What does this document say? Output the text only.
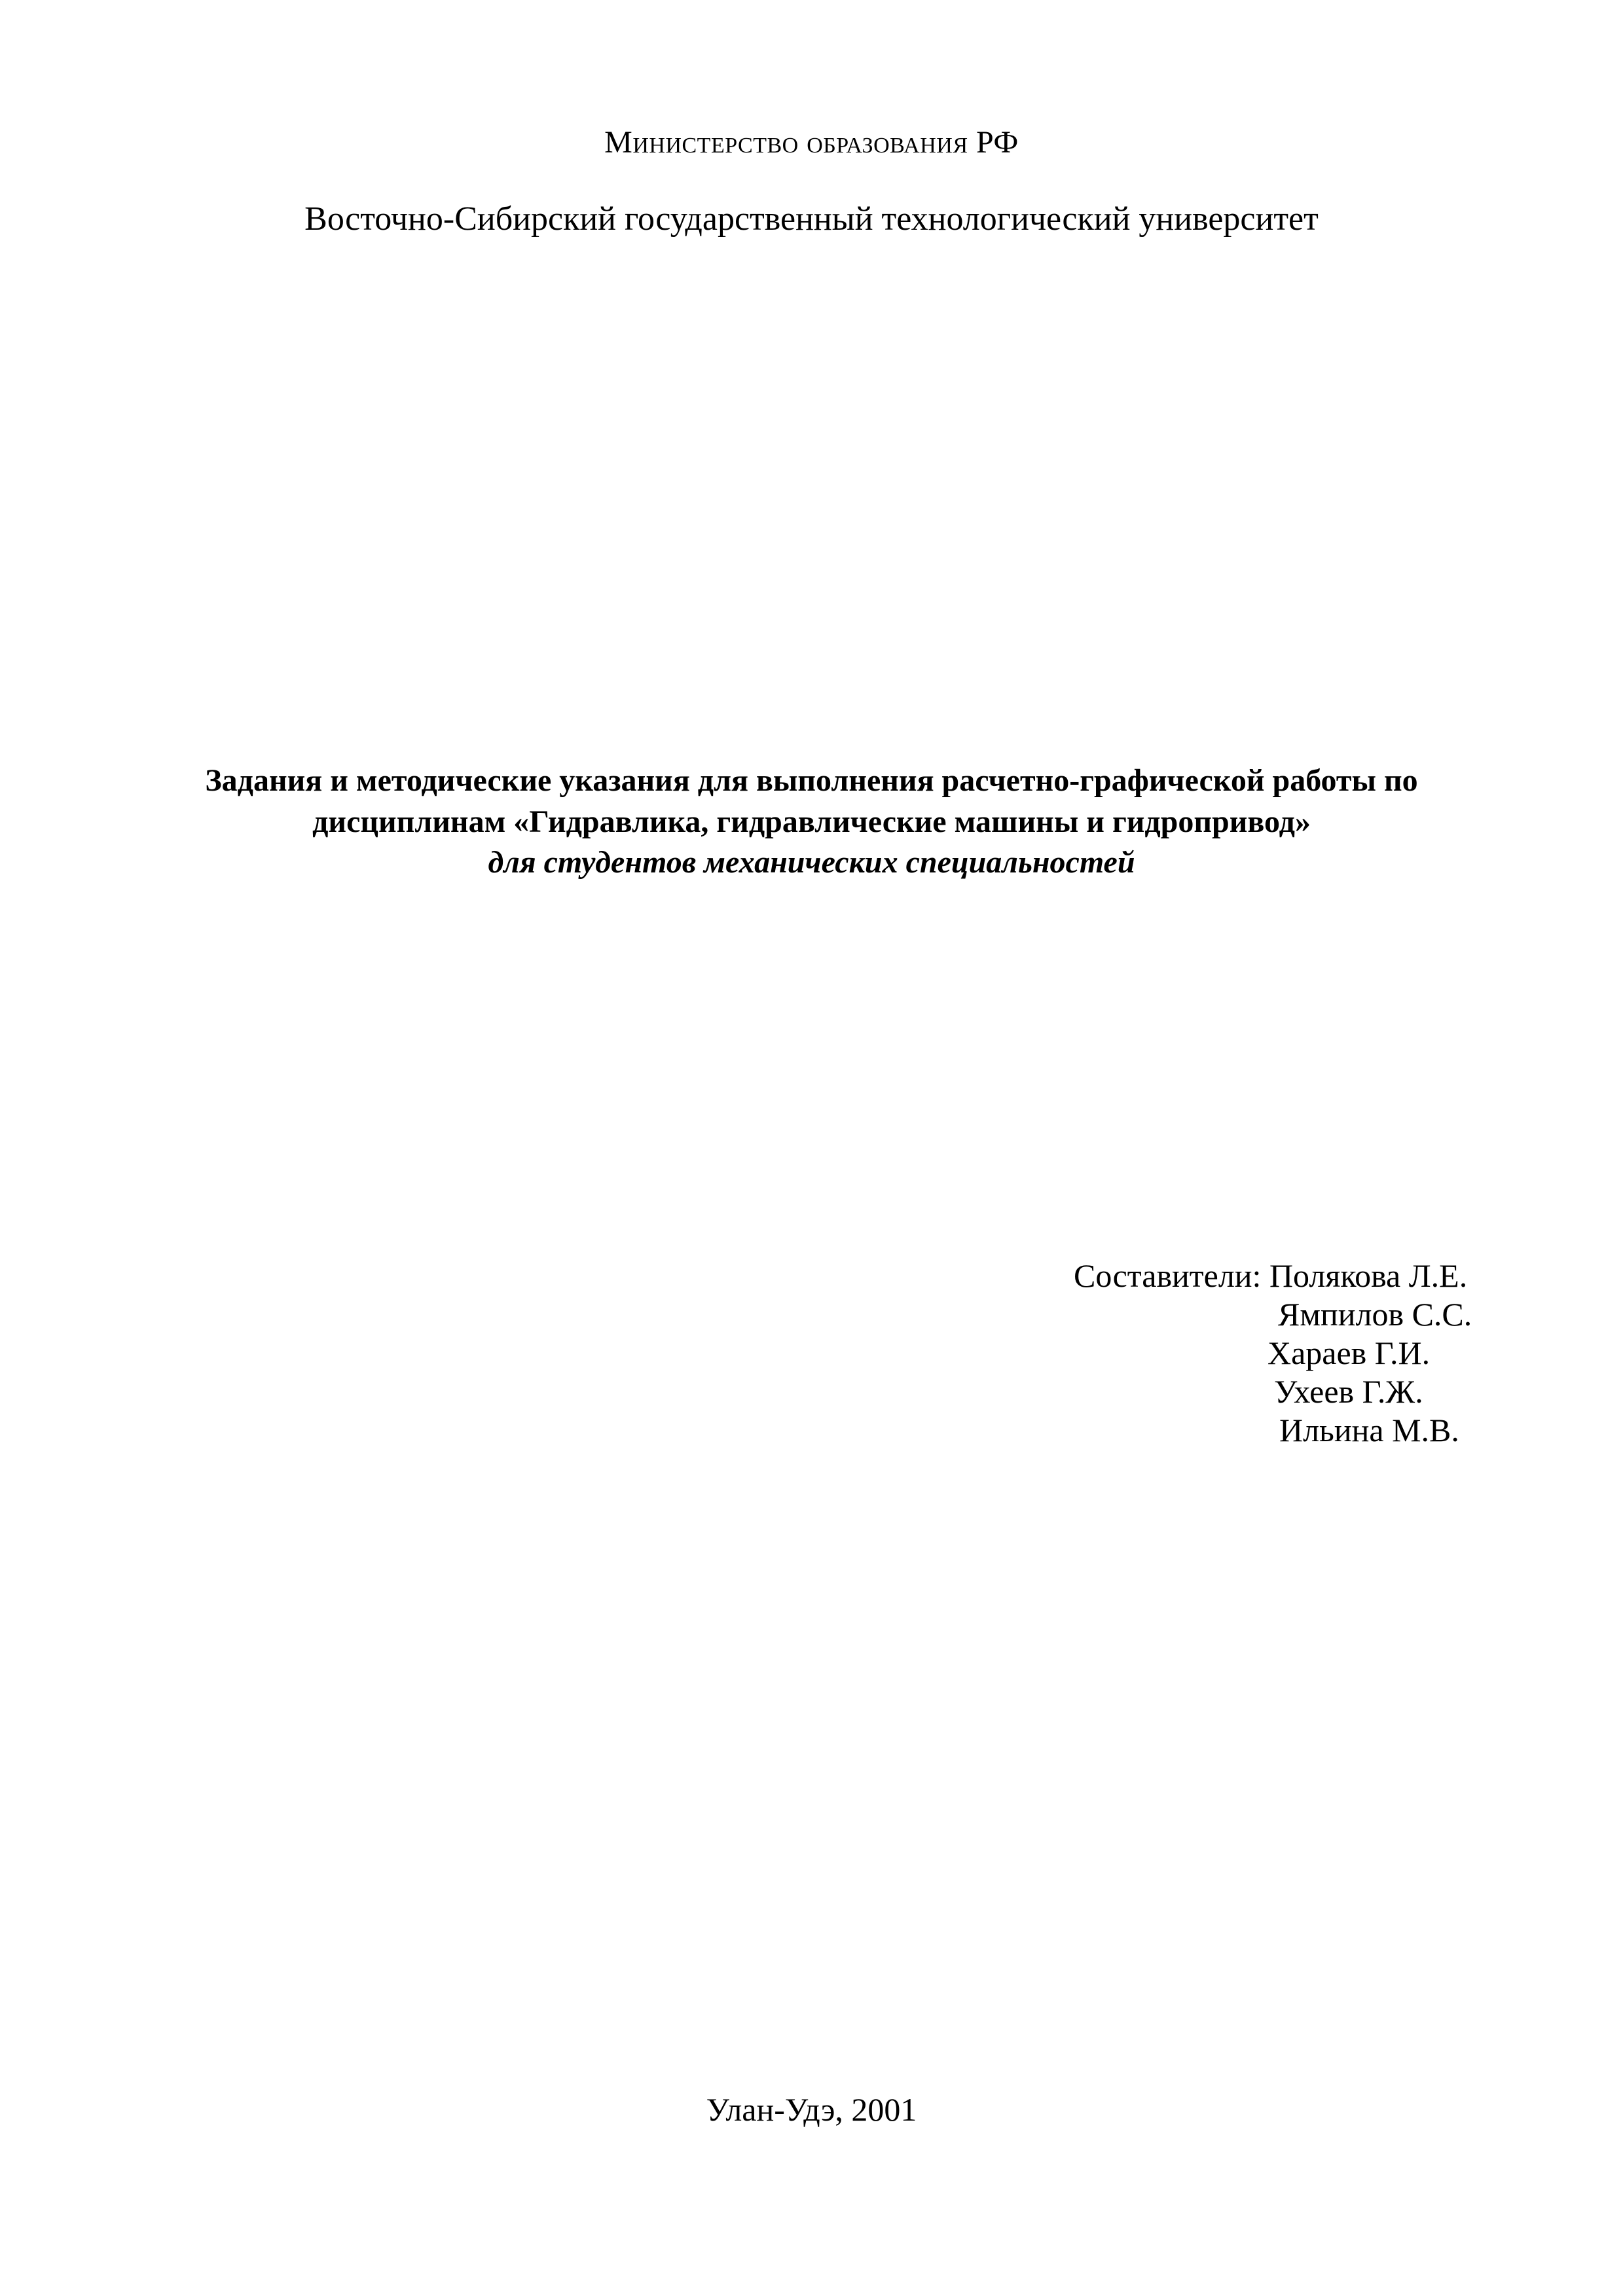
Министерство образования РФ
Восточно-Сибирский государственный технологический университет
Задания и методические указания для выполнения расчетно-графической работы по
дисциплинам «Гидравлика, гидравлические машины и гидропривод»
для студентов механических специальностей
Составители: Полякова Л.Е.
Ямпилов С.С.
Хараев Г.И.
Ухеев Г.Ж.
Ильина М.В.
Улан-Удэ, 2001
